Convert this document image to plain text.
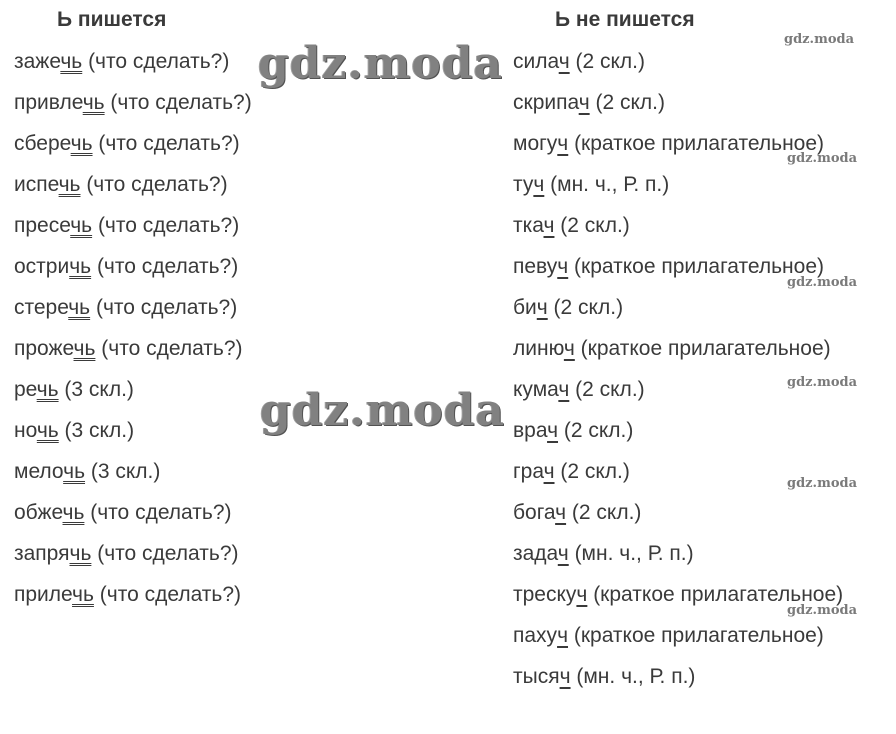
Ь пишется	Ь не пишется
зажечь (что сделать?)
привлечь (что сделать?)
сберечь (что сделать?)
испечь (что сделать?)
пресечь (что сделать?)
остричь (что сделать?)
стеречь (что сделать?)
прожечь (что сделать?)
речь (3 скл.)
ночь (3 скл.)
мелочь (3 скл.)
обжечь (что сделать?)
запрячь (что сделать?)
прилечь (что сделать?)
силач (2 скл.)
скрипач (2 скл.)
могуч (краткое прилагательное)
туч (мн. ч., Р. п.)
ткач (2 скл.)
певуч (краткое прилагательное)
бич (2 скл.)
линюч (краткое прилагательное)
кумач (2 скл.)
врач (2 скл.)
грач (2 скл.)
богач (2 скл.)
задач (мн. ч., Р. п.)
трескуч (краткое прилагательное)
пахуч (краткое прилагательное)
тысяч (мн. ч., Р. п.)
gdz.moda
gdz.moda
gdz.moda
gdz.moda
gdz.moda
gdz.moda
gdz.moda
gdz.moda
